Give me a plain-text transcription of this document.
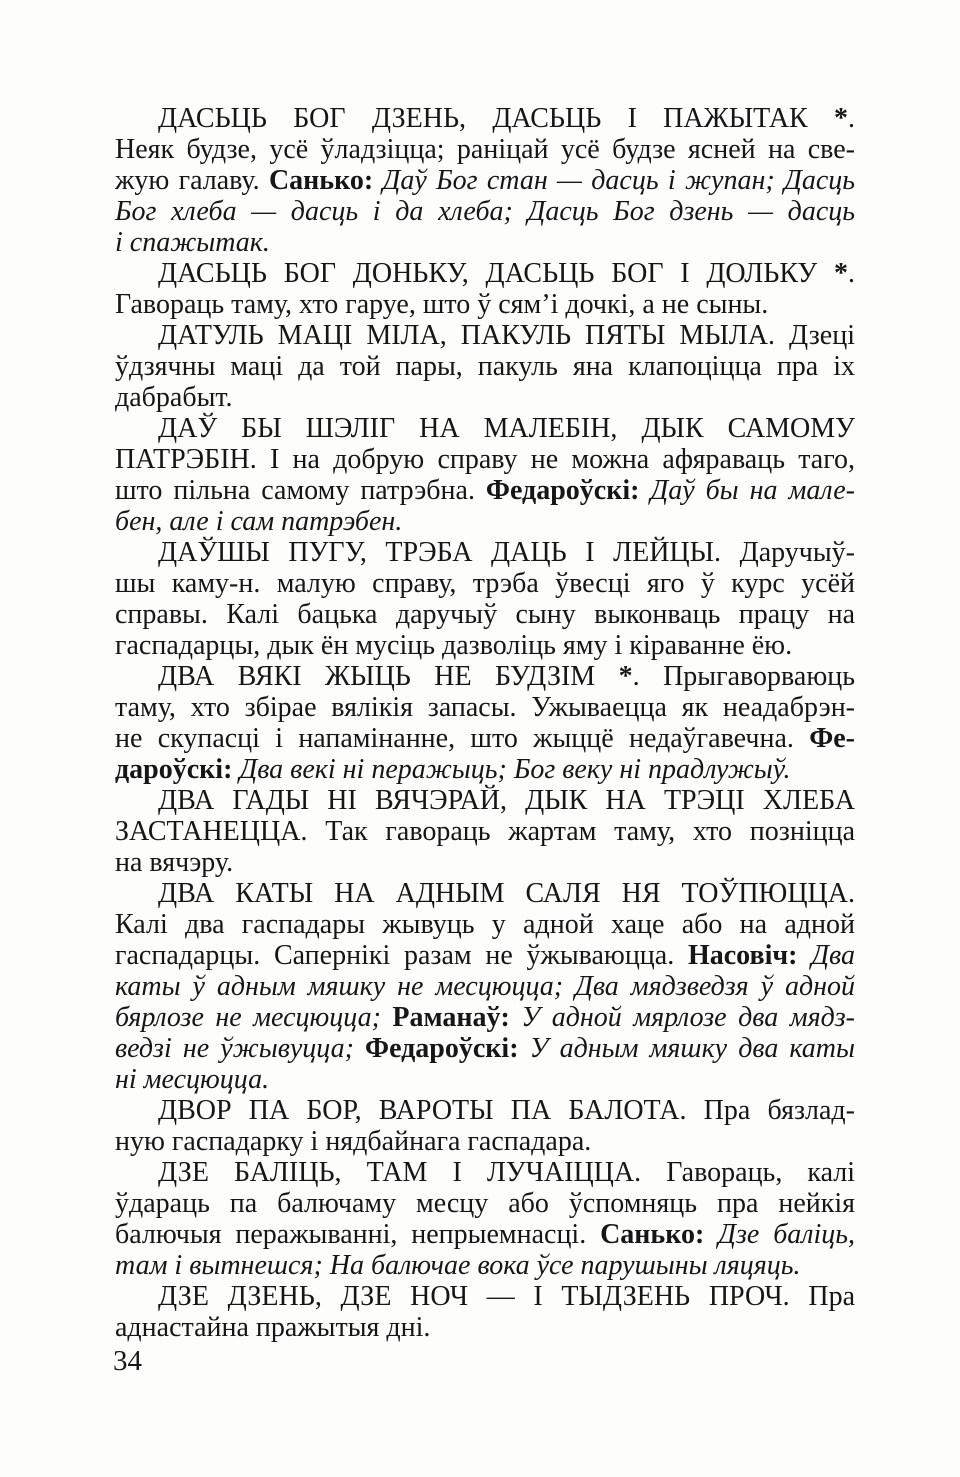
ДАСЬЦЬ БОГ ДЗЕНЬ, ДАСЬЦЬ І ПАЖЫТАК *.
Неяк будзе, усё ўладзіцца; раніцай усё будзе ясней на све-
жую галаву. Санько: Даў Бог стан — дасць і жупан; Дасць
Бог хлеба — дасць і да хлеба; Дасць Бог дзень — дасць
і спажытак.
ДАСЬЦЬ БОГ ДОНЬКУ, ДАСЬЦЬ БОГ І ДОЛЬКУ *.
Гавораць таму, хто гаруе, што ў сям’і дочкі, а не сыны.
ДАТУЛЬ МАЦІ МІЛА, ПАКУЛЬ ПЯТЫ МЫЛА. Дзеці
ўдзячны маці да той пары, пакуль яна клапоціцца пра іх
дабрабыт.
ДАЎ БЫ ШЭЛІГ НА МАЛЕБІН, ДЫК САМОМУ
ПАТРЭБІН. І на добрую справу не можна афяраваць таго,
што пільна самому патрэбна. Федароўскі: Даў бы на мале-
бен, але і сам патрэбен.
ДАЎШЫ ПУГУ, ТРЭБА ДАЦЬ І ЛЕЙЦЫ. Даручыў-
шы каму-н. малую справу, трэба ўвесці яго ў курс усёй
справы. Калі бацька даручыў сыну выконваць працу на
гаспадарцы, дык ён мусіць дазволіць яму і кіраванне ёю.
ДВА ВЯКІ ЖЫЦЬ НЕ БУДЗІМ *. Прыгаворваюць
таму, хто збірае вялікія запасы. Ужываецца як неадабрэн-
не скупасці і напамінанне, што жыццё недаўгавечна. Фе-
дароўскі: Два векі ні перажыць; Бог веку ні прадлужыў.
ДВА ГАДЫ НІ ВЯЧЭРАЙ, ДЫК НА ТРЭЦІ ХЛЕБА
ЗАСТАНЕЦЦА. Так гавораць жартам таму, хто позніцца
на вячэру.
ДВА КАТЫ НА АДНЫМ САЛЯ НЯ ТОЎПЮЦЦА.
Калі два гаспадары жывуць у адной хаце або на адной
гаспадарцы. Сапернікі разам не ўжываюцца. Насовіч: Два
каты ў адным мяшку не месцюцца; Два мядзведзя ў адной
бярлозе не месцюцца; Раманаў: У адной мярлозе два мядз-
ведзі не ўжывуцца; Федароўскі: У адным мяшку два каты
ні месцюцца.
ДВОР ПА БОР, ВАРОТЫ ПА БАЛОТА. Пра бязлад-
ную гаспадарку і нядбайнага гаспадара.
ДЗЕ БАЛІЦЬ, ТАМ І ЛУЧАІЦЦА. Гавораць, калі
ўдараць па балючаму месцу або ўспомняць пра нейкія
балючыя перажыванні, непрыемнасці. Санько: Дзе баліць,
там і вытнешся; На балючае вока ўсе парушыны ляцяць.
ДЗЕ ДЗЕНЬ, ДЗЕ НОЧ — І ТЫДЗЕНЬ ПРОЧ. Пра
аднастайна пражытыя дні.
34
